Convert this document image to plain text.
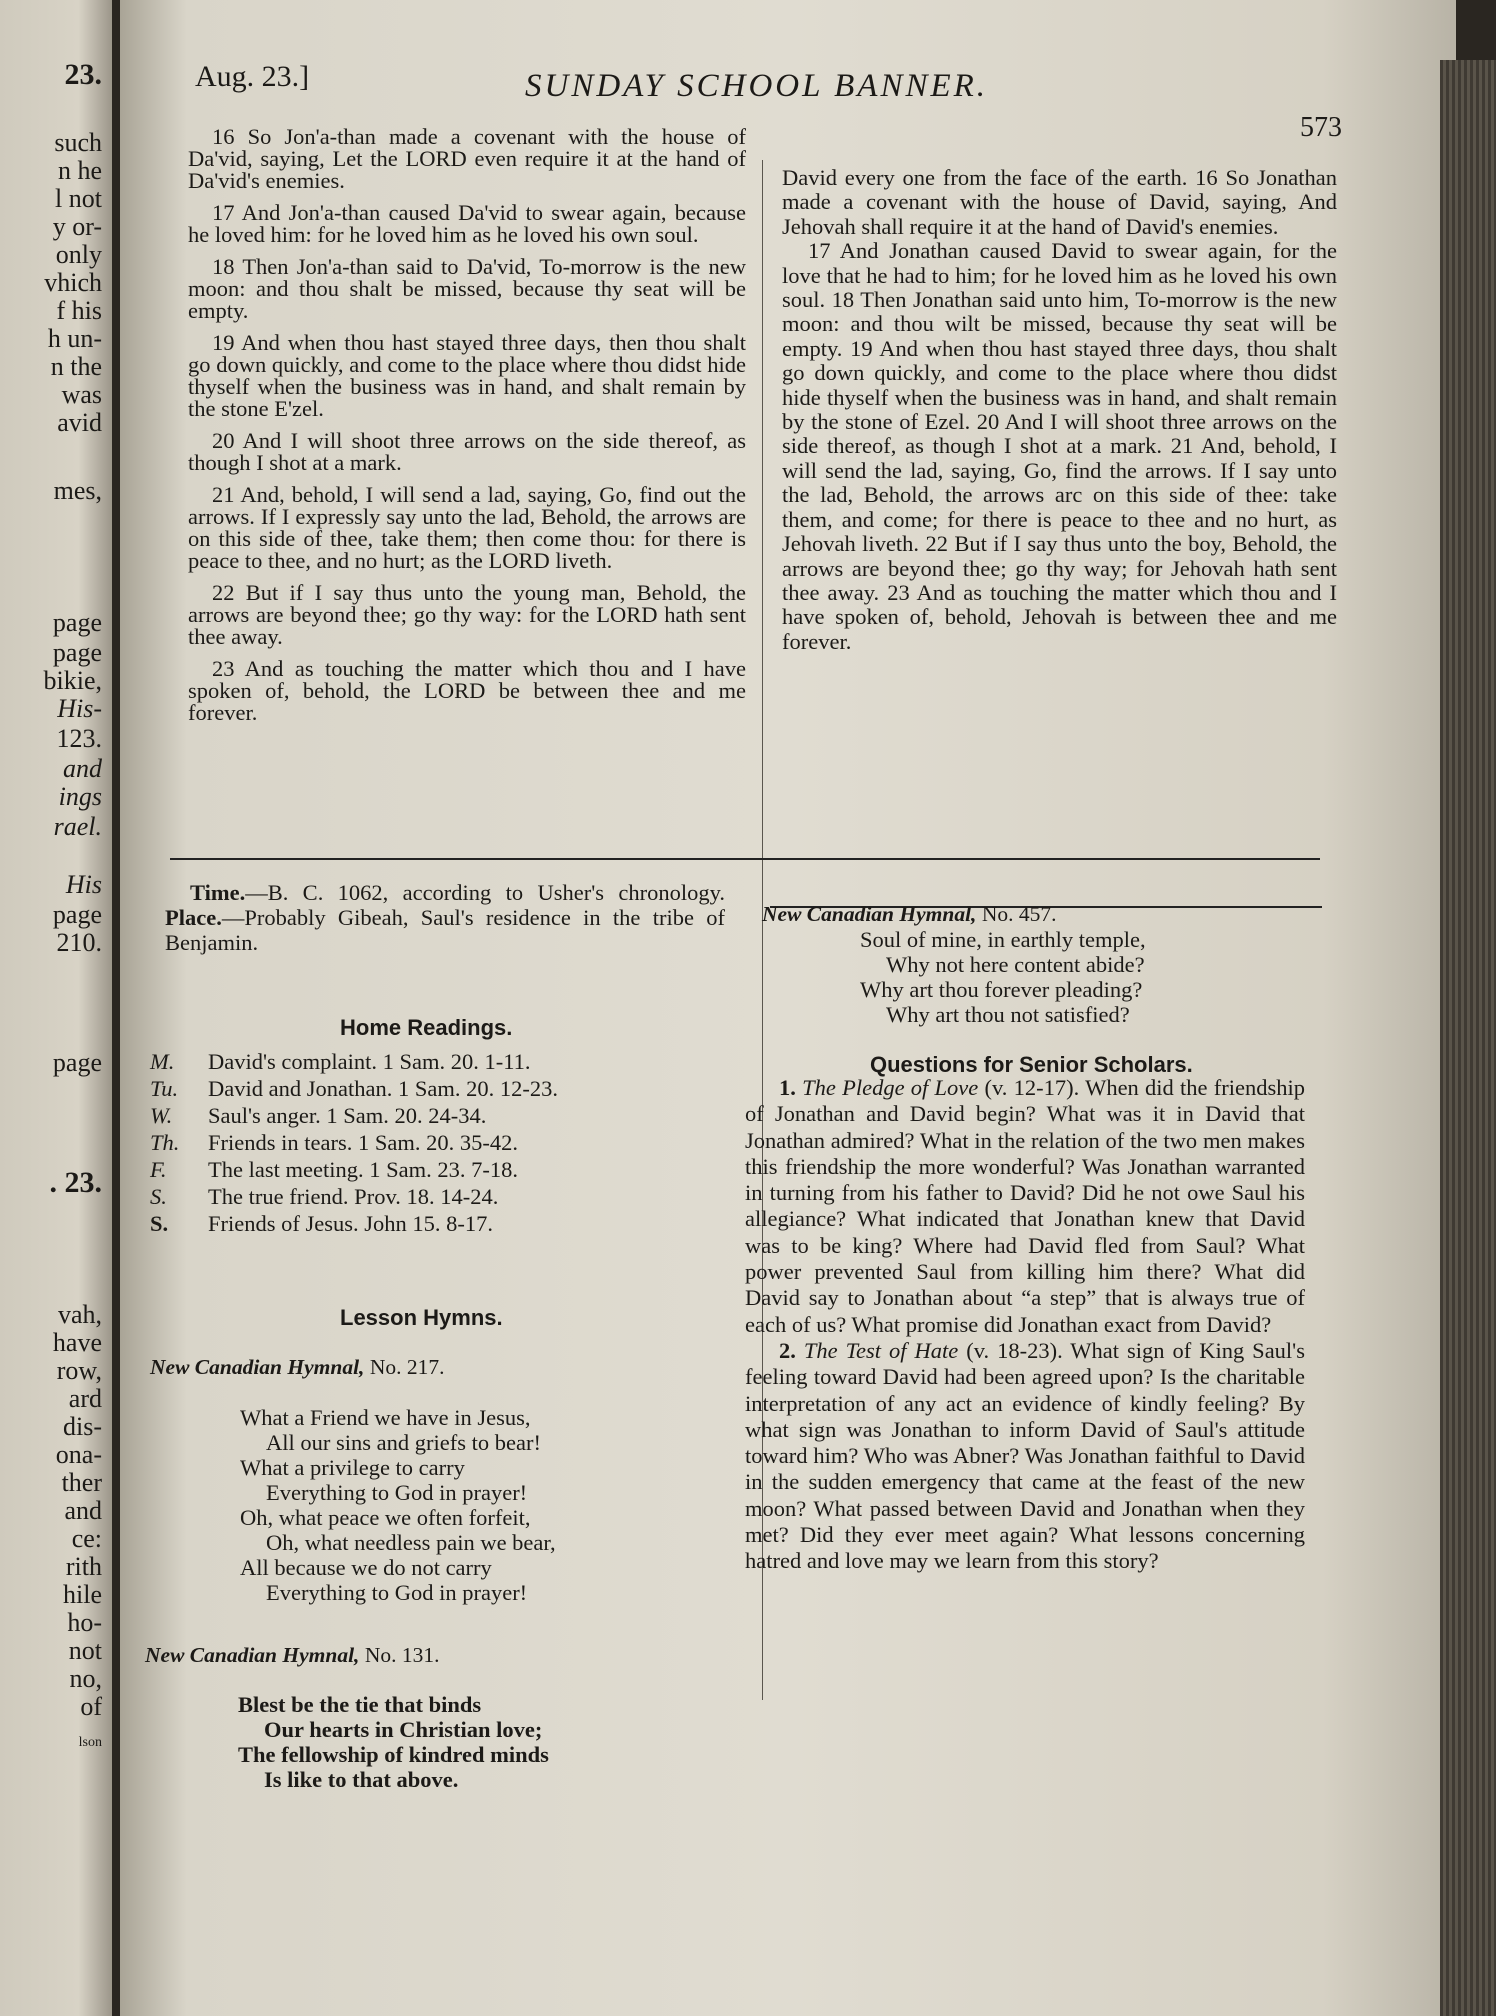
23.
such
n he
l not
y or-
only
vhich
f his
h un-
n the
was
avid
mes,
page
page
bikie,
His-
123.
and
ings
rael.
His
page
210.
page
. 23.
vah,
have
row,
ard
dis-
ona-
ther
and
ce:
rith
hile
ho-
not
no,
of
lson
Aug. 23.]	SUNDAY SCHOOL BANNER.
573

16 So Jon'a-than made a covenant with the house of Da'vid, saying, Let the LORD even require it at the hand of Da'vid's enemies.

17 And Jon'a-than caused Da'vid to swear again, because he loved him: for he loved him as he loved his own soul.

18 Then Jon'a-than said to Da'vid, To-morrow is the new moon: and thou shalt be missed, because thy seat will be empty.

19 And when thou hast stayed three days, then thou shalt go down quickly, and come to the place where thou didst hide thyself when the business was in hand, and shalt remain by the stone E'zel.

20 And I will shoot three arrows on the side thereof, as though I shot at a mark.

21 And, behold, I will send a lad, saying, Go, find out the arrows. If I expressly say unto the lad, Behold, the arrows are on this side of thee, take them; then come thou: for there is peace to thee, and no hurt; as the LORD liveth.

22 But if I say thus unto the young man, Behold, the arrows are beyond thee; go thy way: for the LORD hath sent thee away.

23 And as touching the matter which thou and I have spoken of, behold, the LORD be between thee and me forever.

David every one from the face of the earth. 16 So Jonathan made a covenant with the house of David, saying, And Jehovah shall require it at the hand of David's enemies.

17 And Jonathan caused David to swear again, for the love that he had to him; for he loved him as he loved his own soul. 18 Then Jonathan said unto him, To-morrow is the new moon: and thou wilt be missed, because thy seat will be empty. 19 And when thou hast stayed three days, thou shalt go down quickly, and come to the place where thou didst hide thyself when the business was in hand, and shalt remain by the stone of Ezel. 20 And I will shoot three arrows on the side thereof, as though I shot at a mark. 21 And, behold, I will send the lad, saying, Go, find the arrows. If I say unto the lad, Behold, the arrows arc on this side of thee: take them, and come; for there is peace to thee and no hurt, as Jehovah liveth. 22 But if I say thus unto the boy, Behold, the arrows are beyond thee; go thy way; for Jehovah hath sent thee away. 23 And as touching the matter which thou and I have spoken of, behold, Jehovah is between thee and me forever.

Time.—B. C. 1062, according to Usher's chronology. Place.—Probably Gibeah, Saul's residence in the tribe of Benjamin.

Home Readings.
M. David's complaint. 1 Sam. 20. 1-11.
Tu. David and Jonathan. 1 Sam. 20. 12-23.
W. Saul's anger. 1 Sam. 20. 24-34.
Th. Friends in tears. 1 Sam. 20. 35-42.
F. The last meeting. 1 Sam. 23. 7-18.
S. The true friend. Prov. 18. 14-24.
S. Friends of Jesus. John 15. 8-17.
Lesson Hymns.
New Canadian Hymnal, No. 217.
What a Friend we have in Jesus,
All our sins and griefs to bear!
What a privilege to carry
Everything to God in prayer!
Oh, what peace we often forfeit,
Oh, what needless pain we bear,
All because we do not carry
Everything to God in prayer!
New Canadian Hymnal, No. 131.
Blest be the tie that binds
Our hearts in Christian love;
The fellowship of kindred minds
Is like to that above.
New Canadian Hymnal, No. 457.
Soul of mine, in earthly temple,
Why not here content abide?
Why art thou forever pleading?
Why art thou not satisfied?
Questions for Senior Scholars.

1. The Pledge of Love (v. 12-17). When did the friendship of Jonathan and David begin? What was it in David that Jonathan admired? What in the relation of the two men makes this friendship the more wonderful? Was Jonathan warranted in turning from his father to David? Did he not owe Saul his allegiance? What indicated that Jonathan knew that David was to be king? Where had David fled from Saul? What power prevented Saul from killing him there? What did David say to Jonathan about “a step” that is always true of each of us? What promise did Jonathan exact from David?

2. The Test of Hate (v. 18-23). What sign of King Saul's feeling toward David had been agreed upon? Is the charitable interpretation of any act an evidence of kindly feeling? By what sign was Jonathan to inform David of Saul's attitude toward him? Who was Abner? Was Jonathan faithful to David in the sudden emergency that came at the feast of the new moon? What passed between David and Jonathan when they met? Did they ever meet again? What lessons concerning hatred and love may we learn from this story?
